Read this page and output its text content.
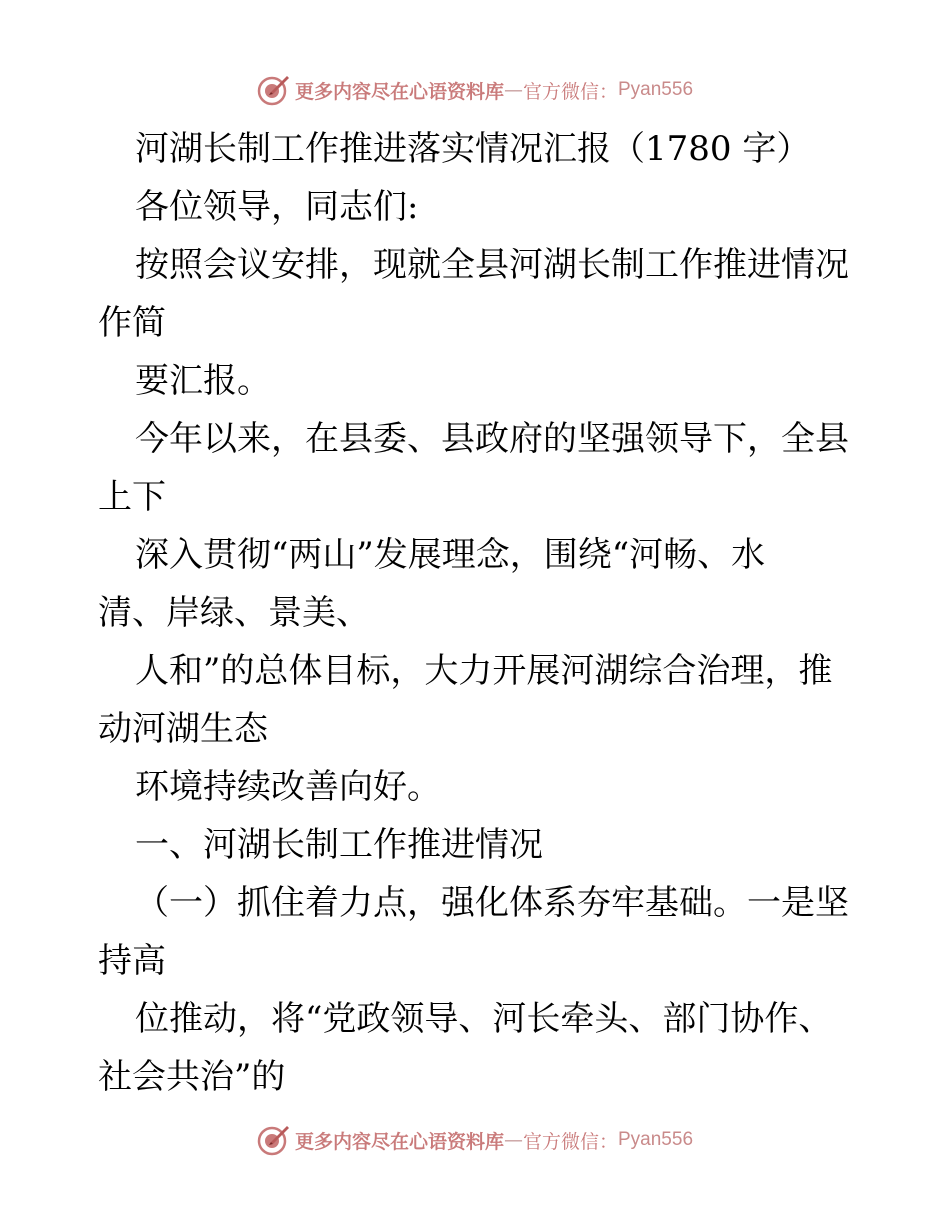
更多内容尽在心语资料库 — 官方微信： Pyan556
河湖长制工作推进落实情况汇报（1780 字）
各位领导，同志们:
按照会议安排，现就全县河湖长制工作推进情况
作简
要汇报。
今年以来，在县委、县政府的坚强领导下，全县
上下
深入贯彻“两山”发展理念，围绕“河畅、水
清、岸绿、景美、
人和”的总体目标，大力开展河湖综合治理，推
动河湖生态
环境持续改善向好。
一、河湖长制工作推进情况
（一）抓住着力点，强化体系夯牢基础。一是坚
持高
位推动，将“党政领导、河长牵头、部门协作、
社会共治”的
更多内容尽在心语资料库 — 官方微信： Pyan556
